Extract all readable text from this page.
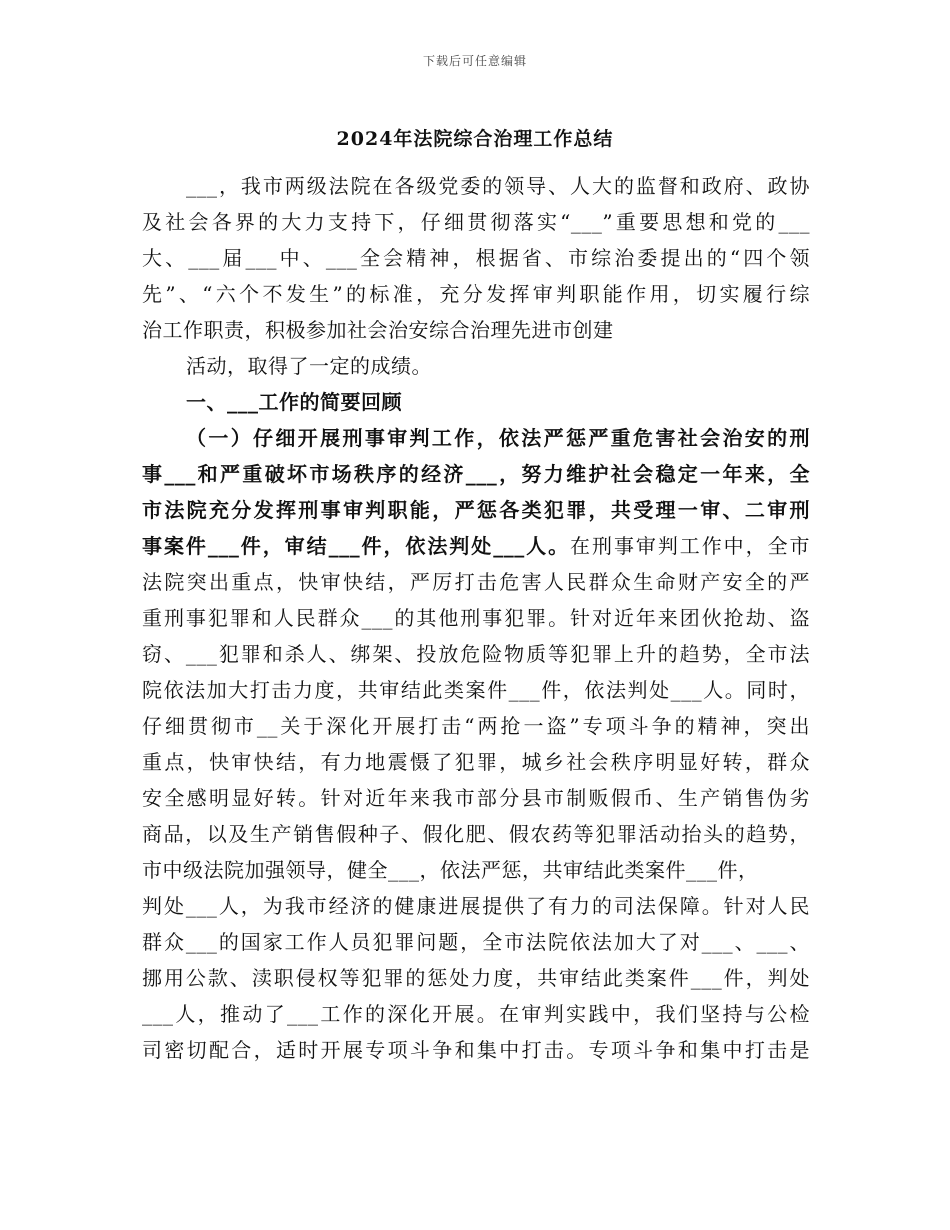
下载后可任意编辑
2024年法院综合治理工作总结
___，我市两级法院在各级党委的领导、人大的监督和政府、政协
及社会各界的大力支持下，仔细贯彻落实“___”重要思想和党的___
大、___届___中、___全会精神，根据省、市综治委提出的“四个领
先”、“六个不发生”的标准，充分发挥审判职能作用，切实履行综
治工作职责，积极参加社会治安综合治理先进市创建
活动，取得了一定的成绩。
一、___工作的简要回顾
（一）仔细开展刑事审判工作，依法严惩严重危害社会治安的刑
事___和严重破坏市场秩序的经济___，努力维护社会稳定一年来，全
市法院充分发挥刑事审判职能，严惩各类犯罪，共受理一审、二审刑
事案件___件，审结___件，依法判处___人。在刑事审判工作中，全市
法院突出重点，快审快结，严厉打击危害人民群众生命财产安全的严
重刑事犯罪和人民群众___的其他刑事犯罪。针对近年来团伙抢劫、盗
窃、___犯罪和杀人、绑架、投放危险物质等犯罪上升的趋势，全市法
院依法加大打击力度，共审结此类案件___件，依法判处___人。同时，
仔细贯彻市__关于深化开展打击“两抢一盗”专项斗争的精神，突出
重点，快审快结，有力地震慑了犯罪，城乡社会秩序明显好转，群众
安全感明显好转。针对近年来我市部分县市制贩假币、生产销售伪劣
商品，以及生产销售假种子、假化肥、假农药等犯罪活动抬头的趋势，
市中级法院加强领导，健全___，依法严惩，共审结此类案件___件，
判处___人，为我市经济的健康进展提供了有力的司法保障。针对人民
群众___的国家工作人员犯罪问题，全市法院依法加大了对___、___、
挪用公款、渎职侵权等犯罪的惩处力度，共审结此类案件___件，判处
___人，推动了___工作的深化开展。在审判实践中，我们坚持与公检
司密切配合，适时开展专项斗争和集中打击。专项斗争和集中打击是
